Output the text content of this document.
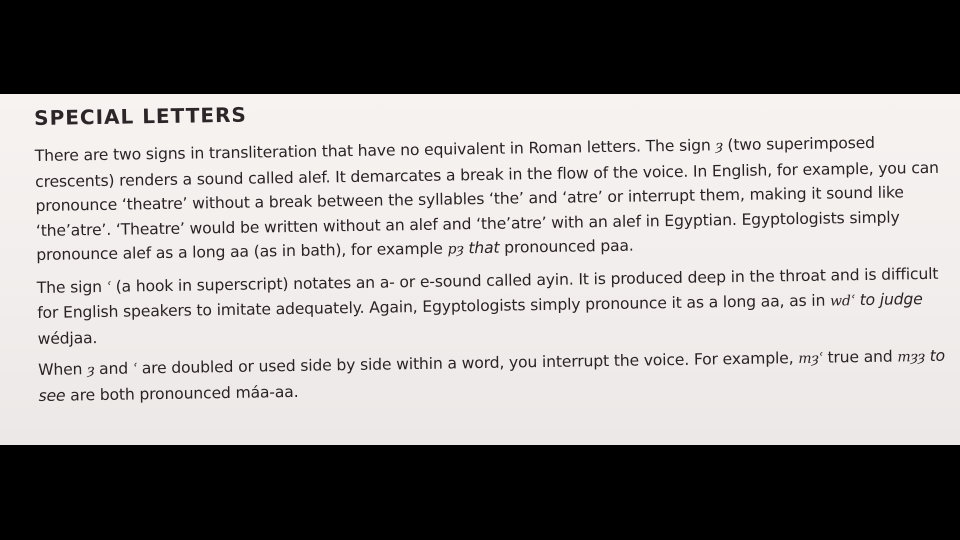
SPECIAL LETTERS

There are two signs in transliteration that have no equivalent in Roman letters. The sign ȝ (two superimposed crescents) renders a sound called alef. It demarcates a break in the flow of the voice. In English, for example, you can pronounce ‘theatre’ without a break between the syllables ‘the’ and ‘atre’ or interrupt them, making it sound like ‘the’atre’. ‘Theatre’ would be written without an alef and ‘the’atre’ with an alef in Egyptian. Egyptologists simply pronounce alef as a long aa (as in bath), for example pȝ that pronounced paa.

The sign ʿ (a hook in superscript) notates an a- or e-sound called ayin. It is produced deep in the throat and is difficult for English speakers to imitate adequately. Again, Egyptologists simply pronounce it as a long aa, as in wdʿ to judge wédjaa.

When ȝ and ʿ are doubled or used side by side within a word, you interrupt the voice. For example, mȝʿ true and mȝȝ to see are both pronounced máa-aa.
